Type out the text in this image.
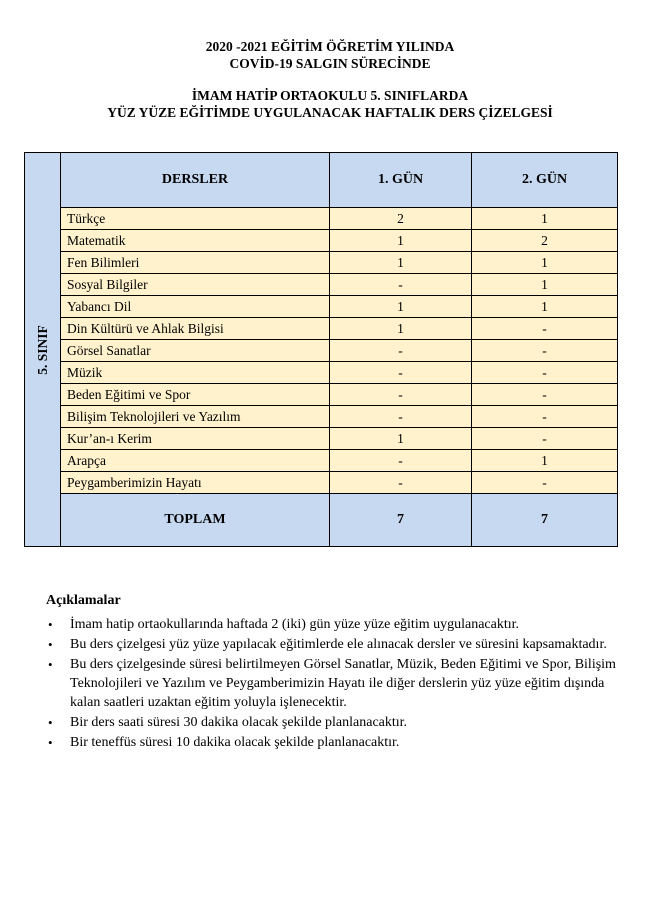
2020 -2021 EĞİTİM ÖĞRETİM YILINDA
COVİD-19 SALGIN SÜRECİNDE
İMAM HATİP ORTAOKULU 5. SINIFLARDA
YÜZ YÜZE EĞİTİMDE UYGULANACAK HAFTALIK DERS ÇİZELGESİ
5. SINIF	DERSLER	1. GÜN	2. GÜN
	Türkçe	2	1
	Matematik	1	2
	Fen Bilimleri	1	1
	Sosyal Bilgiler	-	1
	Yabancı Dil	1	1
	Din Kültürü ve Ahlak Bilgisi	1	-
	Görsel Sanatlar	-	-
	Müzik	-	-
	Beden Eğitimi ve Spor	-	-
	Bilişim Teknolojileri ve Yazılım	-	-
	Kur’an-ı Kerim	1	-
	Arapça	-	1
	Peygamberimizin Hayatı	-	-
	TOPLAM	7	7
Açıklamalar
• İmam hatip ortaokullarında haftada 2 (iki) gün yüze yüze eğitim uygulanacaktır.
• Bu ders çizelgesi yüz yüze yapılacak eğitimlerde ele alınacak dersler ve süresini kapsamaktadır.
• Bu ders çizelgesinde süresi belirtilmeyen Görsel Sanatlar, Müzik, Beden Eğitimi ve Spor, Bilişim Teknolojileri ve Yazılım ve Peygamberimizin Hayatı ile diğer derslerin yüz yüze eğitim dışında kalan saatleri uzaktan eğitim yoluyla işlenecektir.
• Bir ders saati süresi 30 dakika olacak şekilde planlanacaktır.
• Bir teneffüs süresi 10 dakika olacak şekilde planlanacaktır.
